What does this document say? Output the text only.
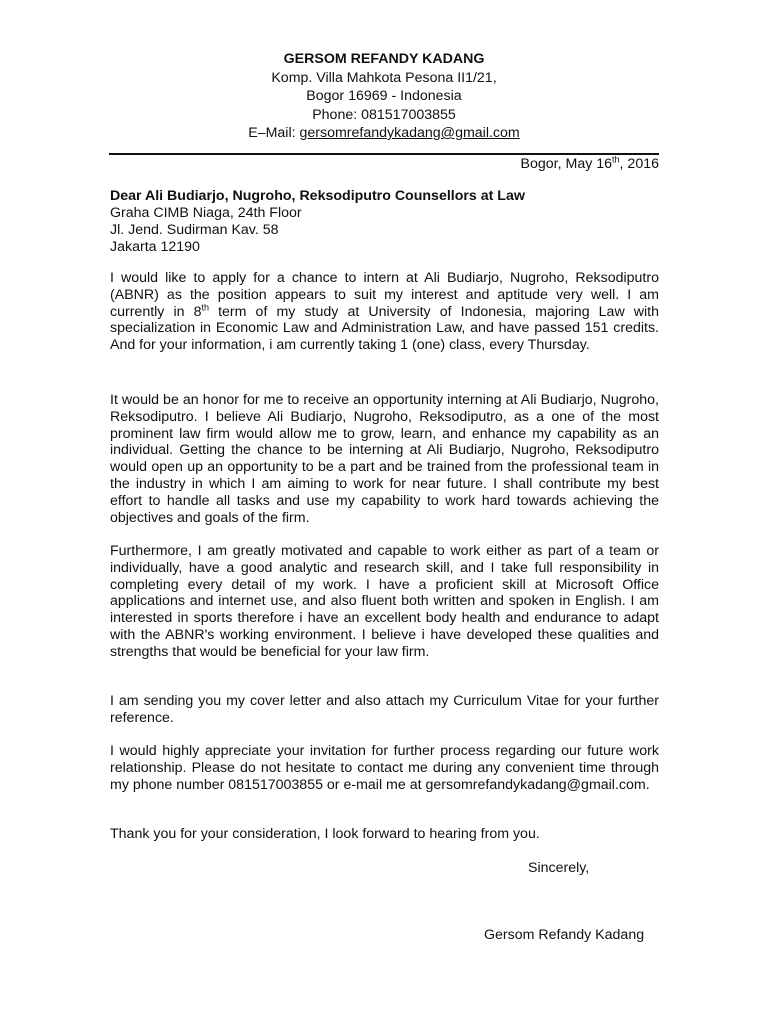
GERSOM REFANDY KADANG
Komp. Villa Mahkota Pesona II1/21,
Bogor 16969 - Indonesia
Phone: 081517003855
E–Mail: gersomrefandykadang@gmail.com
Bogor, May 16th, 2016
Dear Ali Budiarjo, Nugroho, Reksodiputro Counsellors at Law
Graha CIMB Niaga, 24th Floor
Jl. Jend. Sudirman Kav. 58
Jakarta 12190

I would like to apply for a chance to intern at Ali Budiarjo, Nugroho, Reksodiputro (ABNR) as the position appears to suit my interest and aptitude very well. I am currently in 8th term of my study at University of Indonesia, majoring Law with specialization in Economic Law and Administration Law, and have passed 151 credits. And for your information, i am currently taking 1 (one) class, every Thursday.

It would be an honor for me to receive an opportunity interning at Ali Budiarjo, Nugroho, Reksodiputro. I believe Ali Budiarjo, Nugroho, Reksodiputro, as a one of the most prominent law firm would allow me to grow, learn, and enhance my capability as an individual. Getting the chance to be interning at Ali Budiarjo, Nugroho, Reksodiputro would open up an opportunity to be a part and be trained from the professional team in the industry in which I am aiming to work for near future. I shall contribute my best effort to handle all tasks and use my capability to work hard towards achieving the objectives and goals of the firm.

Furthermore, I am greatly motivated and capable to work either as part of a team or individually, have a good analytic and research skill, and I take full responsibility in completing every detail of my work. I have a proficient skill at Microsoft Office applications and internet use, and also fluent both written and spoken in English. I am interested in sports therefore i have an excellent body health and endurance to adapt with the ABNR's working environment. I believe i have developed these qualities and strengths that would be beneficial for your law firm.

I am sending you my cover letter and also attach my Curriculum Vitae for your further reference.

I would highly appreciate your invitation for further process regarding our future work relationship. Please do not hesitate to contact me during any convenient time through my phone number 081517003855 or e-mail me at gersomrefandykadang@gmail.com.

Thank you for your consideration, I look forward to hearing from you.

Sincerely,
Gersom Refandy Kadang
